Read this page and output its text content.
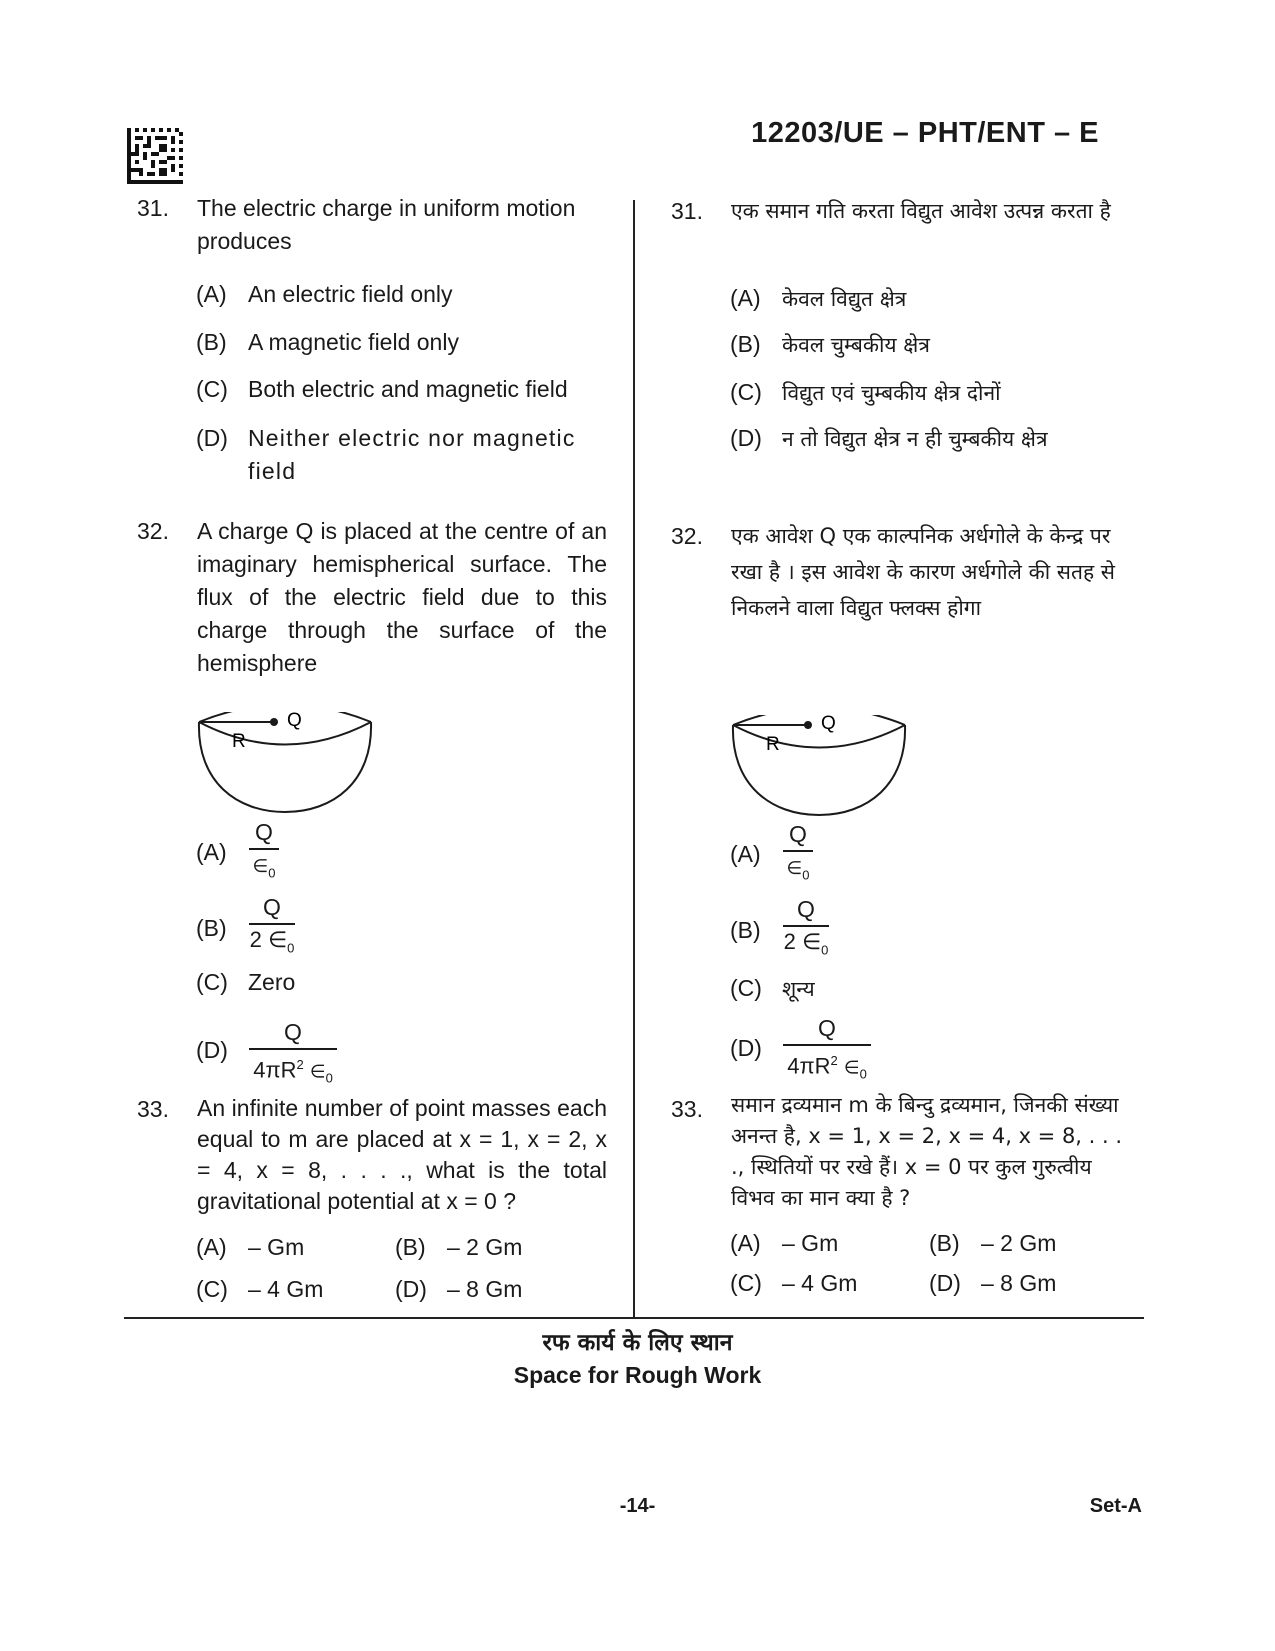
12203/UE – PHT/ENT – E
31. The electric charge in uniform motion produces
(A) An electric field only
(B) A magnetic field only
(C) Both electric and magnetic field
(D) Neither electric nor magnetic field
32. A charge Q is placed at the centre of an imaginary hemispherical surface. The flux of the electric field due to this charge through the surface of the hemisphere
R
Q
(A)
Q
$\in_0$
(B)
Q
2 $\in_0$
(C) Zero
(D)
Q
$4\pi R^2$ $\in_0$
33. An infinite number of point masses each equal to m are placed at x = 1, x = 2, x = 4, x = 8, . . . ., what is the total gravitational potential at x = 0 ?
(A) – Gm	(B) – 2 Gm
(C) – 4 Gm	(D) – 8 Gm
31. एक समान गति करता विद्युत आवेश उत्पन्न करता है
(A) केवल विद्युत क्षेत्र
(B) केवल चुम्बकीय क्षेत्र
(C) विद्युत एवं चुम्बकीय क्षेत्र दोनों
(D) न तो विद्युत क्षेत्र न ही चुम्बकीय क्षेत्र
32. एक आवेश Q एक काल्पनिक अर्धगोले के केन्द्र पर रखा है । इस आवेश के कारण अर्धगोले की सतह से निकलने वाला विद्युत फ्लक्स होगा
R
Q
(A)
Q
$\in_0$
(B)
Q
2 $\in_0$
(C) शून्य
(D)
Q
$4\pi R^2$ $\in_0$
33. समान द्रव्यमान m के बिन्दु द्रव्यमान, जिनकी संख्या अनन्त है, x = 1, x = 2, x = 4, x = 8, . . . ., स्थितियों पर रखे हैं। x = 0 पर कुल गुरुत्वीय विभव का मान क्या है ?
(A) – Gm	(B) – 2 Gm
(C) – 4 Gm	(D) – 8 Gm
रफ कार्य के लिए स्थान
Space for Rough Work
-14-	Set-A
